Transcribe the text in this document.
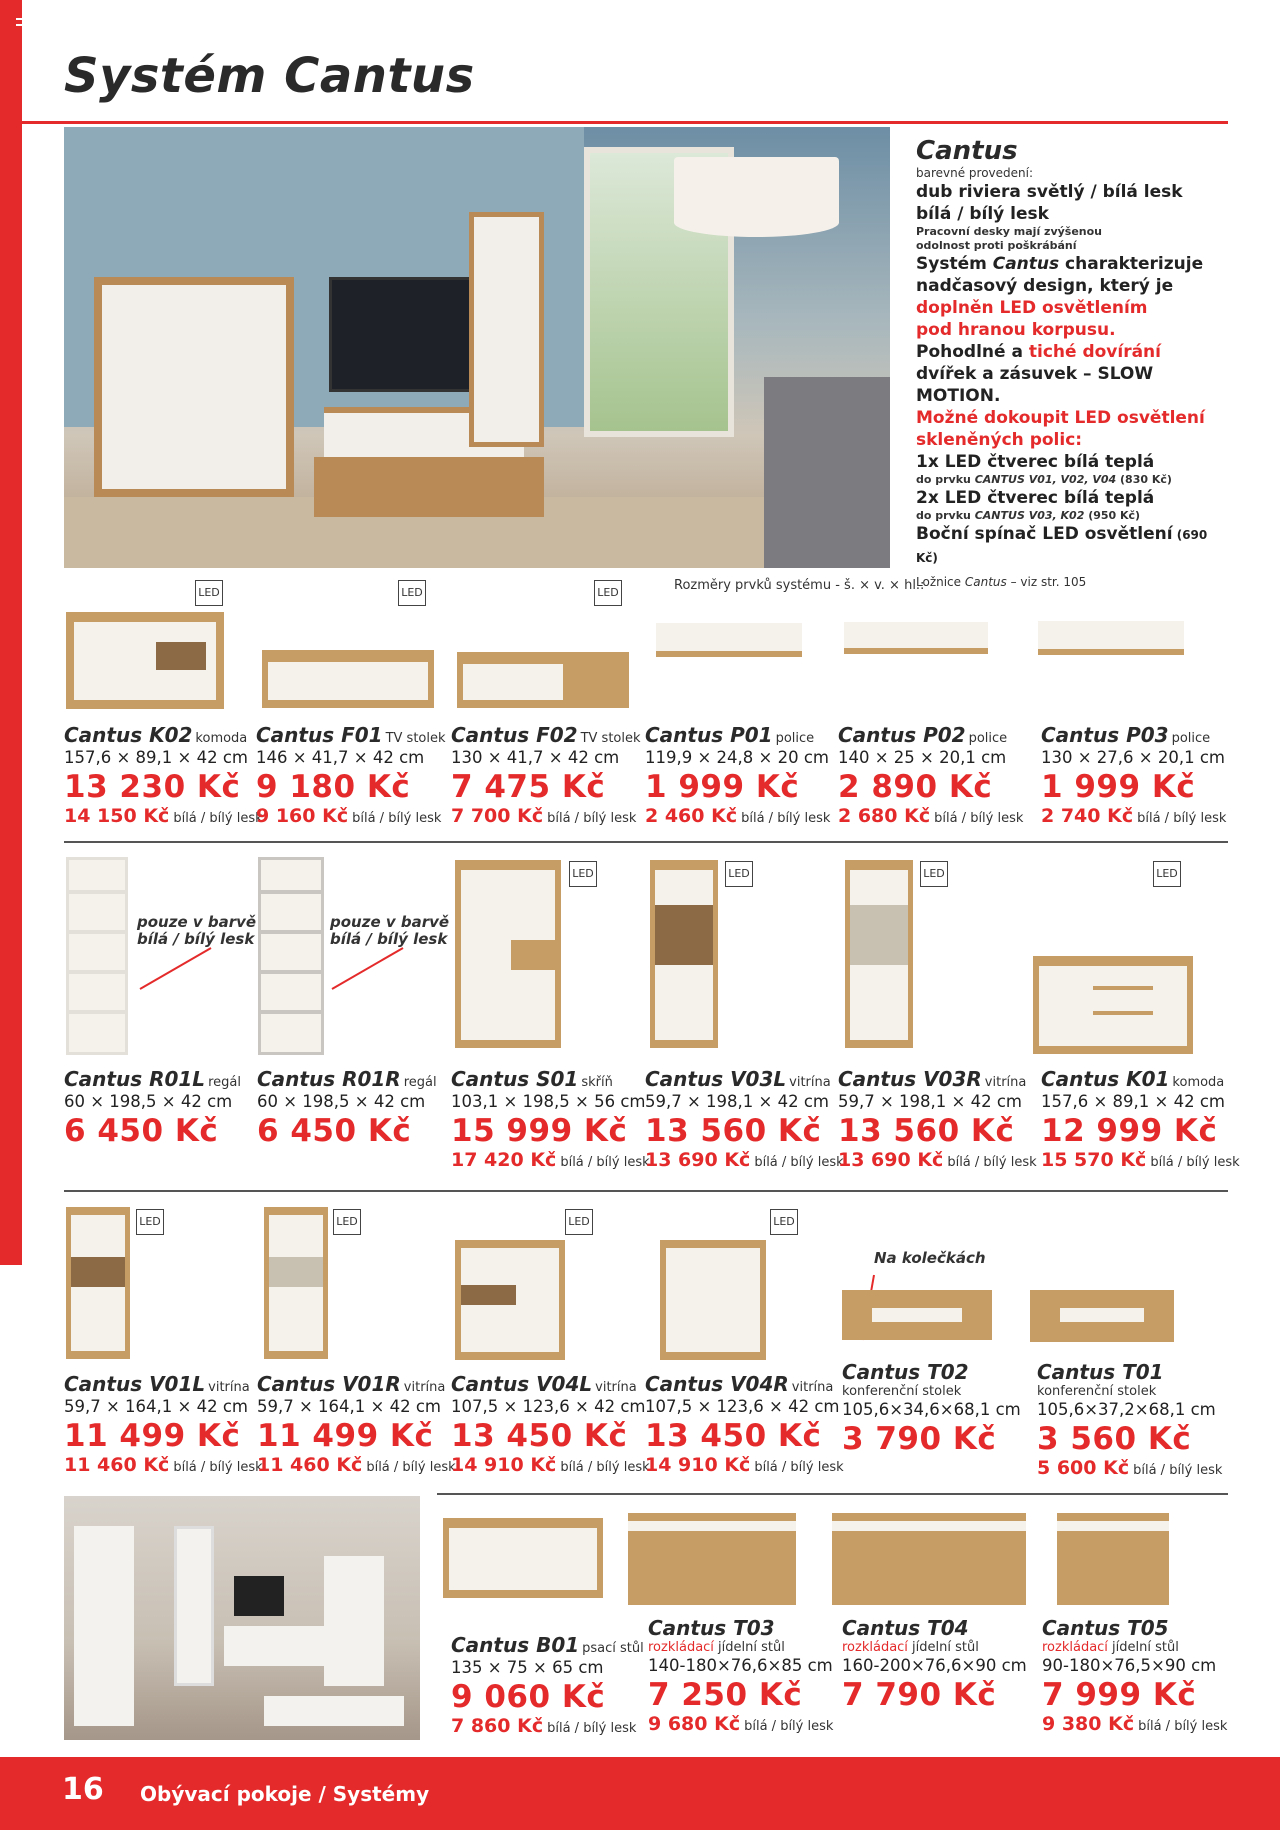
Systém Cantus
Cantus
barevné provedení:
dub riviera světlý / bílá lesk
bílá / bílý lesk
Pracovní desky mají zvýšenou
odolnost proti poškrábání
Systém Cantus charakterizuje
nadčasový design, který je
doplněn LED osvětlením
pod hranou korpusu.
Pohodlné a tiché dovírání
dvířek a zásuvek – SLOW MOTION.
Možné dokoupit LED osvětlení
skleněných polic:
1x LED čtverec bílá teplá
do prvku CANTUS V01, V02, V04 (830 Kč)
2x LED čtverec bílá teplá
do prvku CANTUS V03, K02 (950 Kč)
Boční spínač LED osvětlení (690 Kč)
Ložnice Cantus – viz str. 105
Rozměry prvků systému - š. × v. × hl.:
LED	LED	LED
LED	LED	LED	LED
LED	LED	LED	LED
Cantus K02 komoda
157,6 × 89,1 × 42 cm
13 230 Kč
14 150 Kč bílá / bílý lesk
Cantus F01 TV stolek
146 × 41,7 × 42 cm
9 180 Kč
9 160 Kč bílá / bílý lesk
Cantus F02 TV stolek
130 × 41,7 × 42 cm
7 475 Kč
7 700 Kč bílá / bílý lesk
Cantus P01 police
119,9 × 24,8 × 20 cm
1 999 Kč
2 460 Kč bílá / bílý lesk
Cantus P02 police
140 × 25 × 20,1 cm
2 890 Kč
2 680 Kč bílá / bílý lesk
Cantus P03 police
130 × 27,6 × 20,1 cm
1 999 Kč
2 740 Kč bílá / bílý lesk
pouze v barvě
bílá / bílý lesk
pouze v barvě
bílá / bílý lesk
Cantus R01L regál
60 × 198,5 × 42 cm
6 450 Kč
Cantus R01R regál
60 × 198,5 × 42 cm
6 450 Kč
Cantus S01 skříň
103,1 × 198,5 × 56 cm
15 999 Kč
17 420 Kč bílá / bílý lesk
Cantus V03L vitrína
59,7 × 198,1 × 42 cm
13 560 Kč
13 690 Kč bílá / bílý lesk
Cantus V03R vitrína
59,7 × 198,1 × 42 cm
13 560 Kč
13 690 Kč bílá / bílý lesk
Cantus K01 komoda
157,6 × 89,1 × 42 cm
12 999 Kč
15 570 Kč bílá / bílý lesk
Na kolečkách
Cantus V01L vitrína
59,7 × 164,1 × 42 cm
11 499 Kč
11 460 Kč bílá / bílý lesk
Cantus V01R vitrína
59,7 × 164,1 × 42 cm
11 499 Kč
11 460 Kč bílá / bílý lesk
Cantus V04L vitrína
107,5 × 123,6 × 42 cm
13 450 Kč
14 910 Kč bílá / bílý lesk
Cantus V04R vitrína
107,5 × 123,6 × 42 cm
13 450 Kč
14 910 Kč bílá / bílý lesk
Cantus T02
konferenční stolek
105,6×34,6×68,1 cm
3 790 Kč
Cantus T01
konferenční stolek
105,6×37,2×68,1 cm
3 560 Kč
5 600 Kč bílá / bílý lesk
Cantus B01 psací stůl
135 × 75 × 65 cm
9 060 Kč
7 860 Kč bílá / bílý lesk
Cantus T03
rozkládací jídelní stůl
140-180×76,6×85 cm
7 250 Kč
9 680 Kč bílá / bílý lesk
Cantus T04
rozkládací jídelní stůl
160-200×76,6×90 cm
7 790 Kč
Cantus T05
rozkládací jídelní stůl
90-180×76,5×90 cm
7 999 Kč
9 380 Kč bílá / bílý lesk
16 Obývací pokoje / Systémy
